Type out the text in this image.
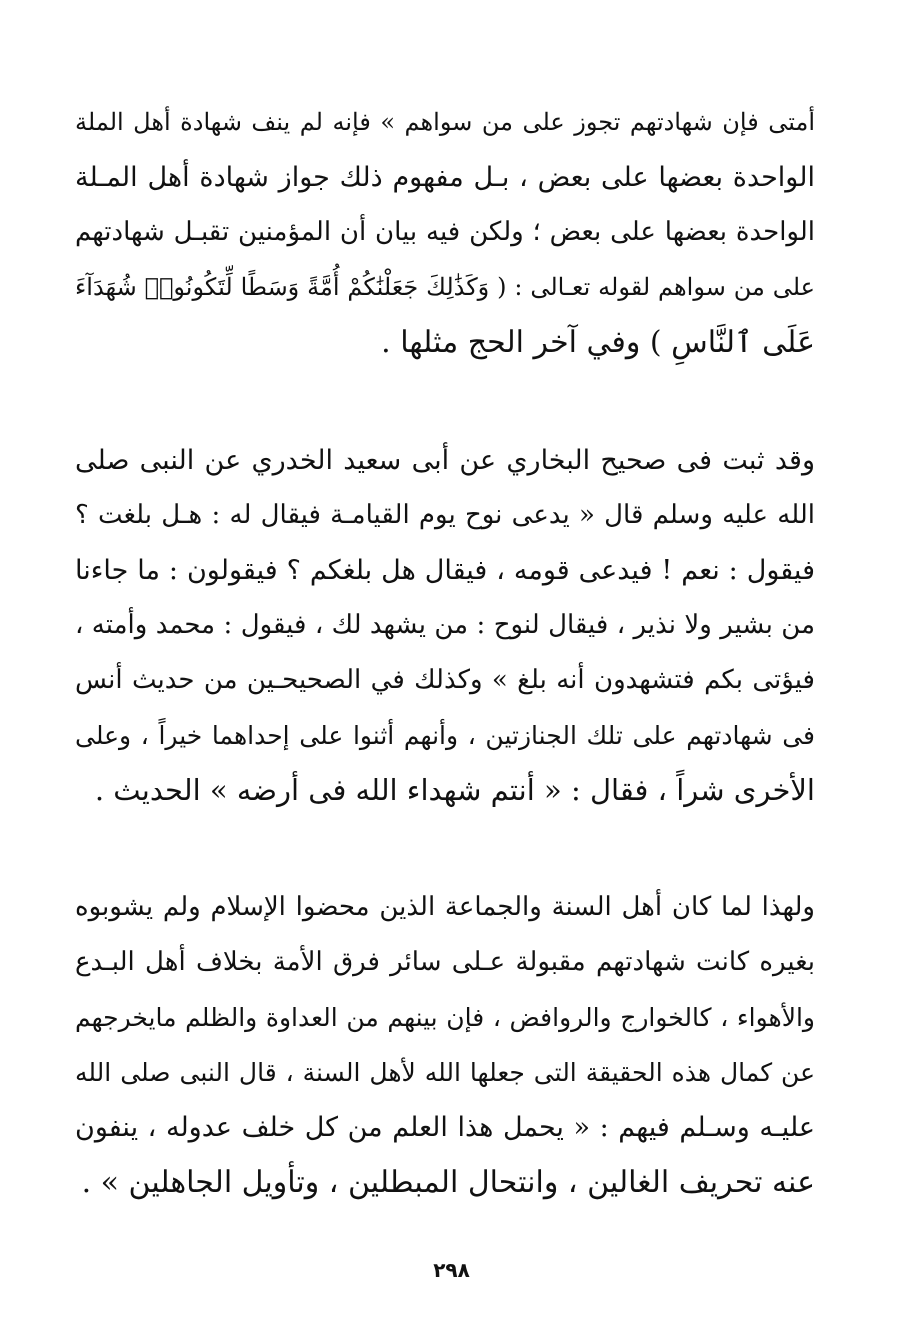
أمتى فإن شهادتهم تجوز على من سواهم » فإنه لم ينف شهادة أهل الملة
الواحدة بعضها على بعض ، بـل مفهوم ذلك جواز شهادة أهل المـلة
الواحدة بعضها على بعض ؛ ولكن فيه بيان أن المؤمنين تقبـل شهادتهم
على من سواهم لقوله تعـالى : ( وَكَذَٰلِكَ جَعَلْنَٰكُمْ أُمَّةً وَسَطًا لِّتَكُونُوا۟ شُهَدَآءَ
عَلَى ٱلنَّاسِ ) وفي آخر الحج مثلها .
وقد ثبت فى صحيح البخاري عن أبى سعيد الخدري عن النبى صلى
الله عليه وسلم قال « يدعى نوح يوم القيامـة فيقال له : هـل بلغت ؟
فيقول : نعم ! فيدعى قومه ، فيقال هل بلغكم ؟ فيقولون : ما جاءنا
من بشير ولا نذير ، فيقال لنوح : من يشهد لك ، فيقول : محمد وأمته ،
فيؤتى بكم فتشهدون أنه بلغ » وكذلك في الصحيحـين من حديث أنس
فى شهادتهم على تلك الجنازتين ، وأنهم أثنوا على إحداهما خيراً ، وعلى
الأخرى شراً ، فقال : « أنتم شهداء الله فى أرضه » الحديث .
ولهذا لما كان أهل السنة والجماعة الذين محضوا الإسلام ولم يشوبوه
بغيره كانت شهادتهم مقبولة عـلى سائر فرق الأمة بخلاف أهل البـدع
والأهواء ، كالخوارج والروافض ، فإن بينهم من العداوة والظلم مايخرجهم
عن كمال هذه الحقيقة التى جعلها الله لأهل السنة ، قال النبى صلى الله
عليـه وسـلم فيهم : « يحمل هذا العلم من كل خلف عدوله ، ينفون
عنه تحريف الغالين ، وانتحال المبطلين ، وتأويل الجاهلين » .
٢٩٨
